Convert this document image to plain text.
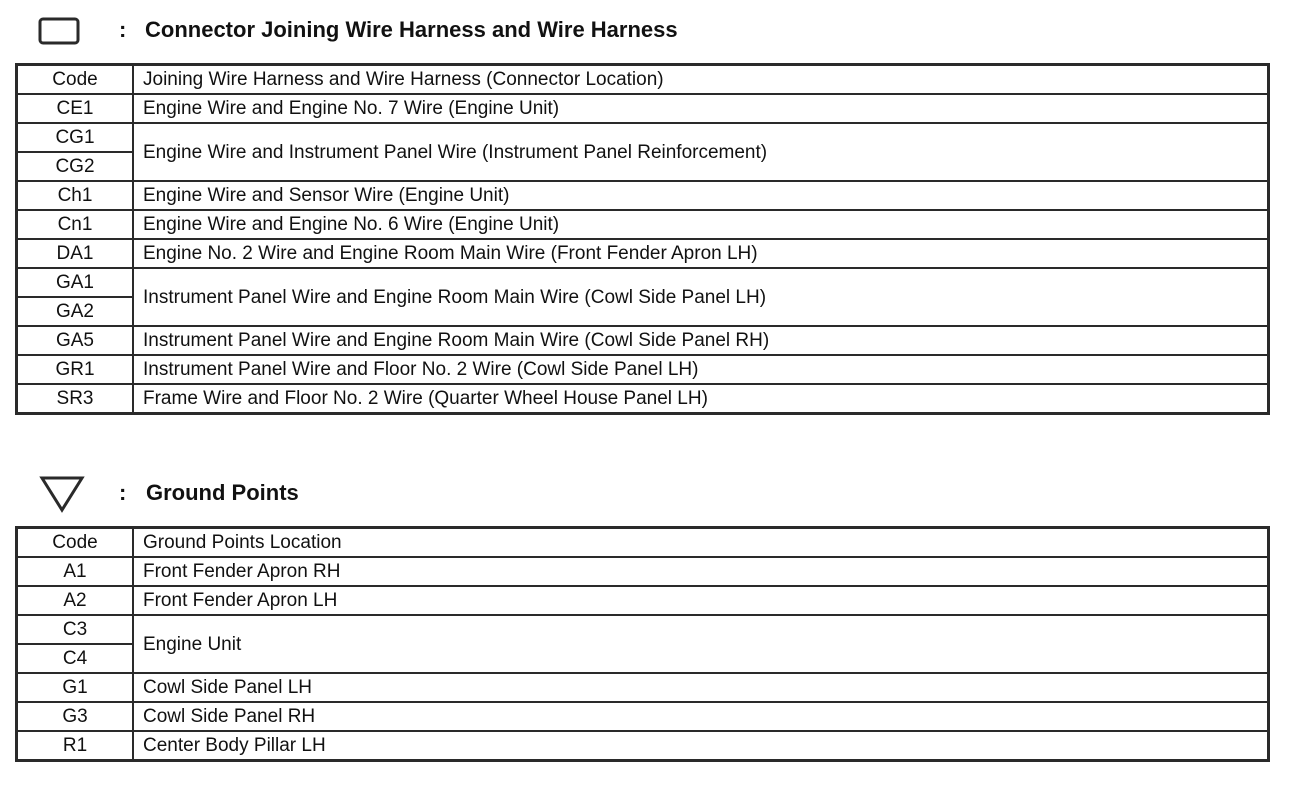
: Connector Joining Wire Harness and Wire Harness
Code	Joining Wire Harness and Wire Harness (Connector Location)
CE1	Engine Wire and Engine No. 7 Wire (Engine Unit)
CG1	Engine Wire and Instrument Panel Wire (Instrument Panel Reinforcement)
CG2	
Ch1	Engine Wire and Sensor Wire (Engine Unit)
Cn1	Engine Wire and Engine No. 6 Wire (Engine Unit)
DA1	Engine No. 2 Wire and Engine Room Main Wire (Front Fender Apron LH)
GA1	Instrument Panel Wire and Engine Room Main Wire (Cowl Side Panel LH)
GA2	
GA5	Instrument Panel Wire and Engine Room Main Wire (Cowl Side Panel RH)
GR1	Instrument Panel Wire and Floor No. 2 Wire (Cowl Side Panel LH)
SR3	Frame Wire and Floor No. 2 Wire (Quarter Wheel House Panel LH)
: Ground Points
Code	Ground Points Location
A1	Front Fender Apron RH
A2	Front Fender Apron LH
C3	Engine Unit
C4	
G1	Cowl Side Panel LH
G3	Cowl Side Panel RH
R1	Center Body Pillar LH
